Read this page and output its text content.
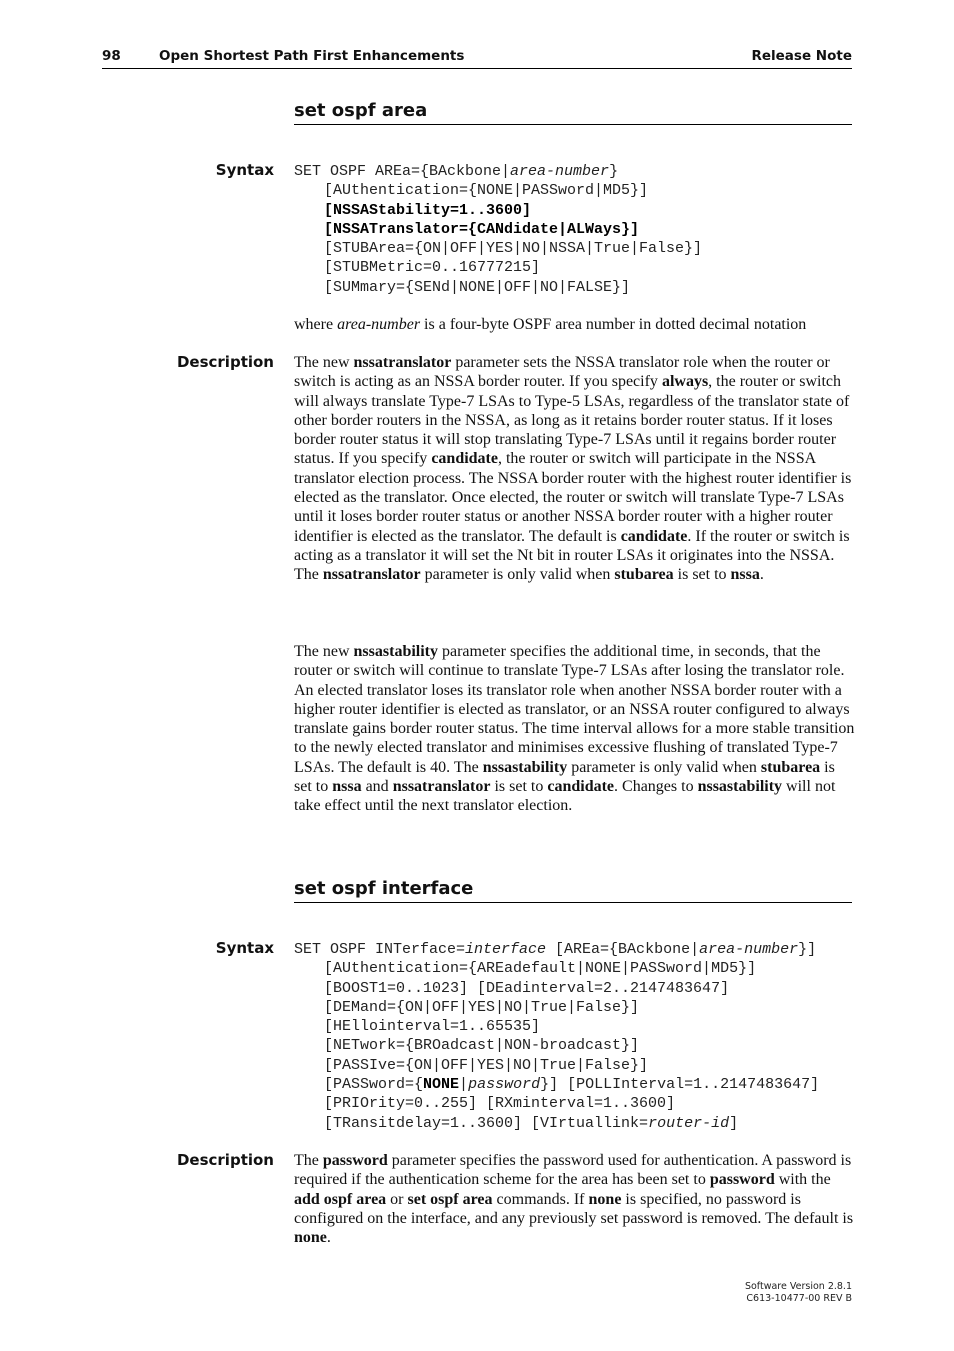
98	Open Shortest Path First Enhancements	Release Note
set ospf area
Syntax SET OSPF AREa={BAckbone|area-number}

[AUthentication={NONE|PASSword|MD5}]
[NSSAStability=1..3600]
[NSSATranslator={CANdidate|ALWays}]
[STUBArea={ON|OFF|YES|NO|NSSA|True|False}]
[STUBMetric=0..16777215]
[SUMmary={SENd|NONE|OFF|NO|FALSE}]
where area-number is a four-byte OSPF area number in dotted decimal notation
Description The new nssatranslator parameter sets the NSSA translator role when the router or switch is acting as an NSSA border router. If you specify always, the router or switch will always translate Type-7 LSAs to Type-5 LSAs, regardless of the translator state of other border routers in the NSSA, as long as it retains border router status. If it loses border router status it will stop translating Type-7 LSAs until it regains border router status. If you specify candidate, the router or switch will participate in the NSSA translator election process. The NSSA border router with the highest router identifier is elected as the translator. Once elected, the router or switch will translate Type-7 LSAs until it loses border router status or another NSSA border router with a higher router identifier is elected as the translator. The default is candidate. If the router or switch is acting as a translator it will set the Nt bit in router LSAs it originates into the NSSA. The nssatranslator parameter is only valid when stubarea is set to nssa.
The new nssastability parameter specifies the additional time, in seconds, that the router or switch will continue to translate Type-7 LSAs after losing the translator role. An elected translator loses its translator role when another NSSA border router with a higher router identifier is elected as translator, or an NSSA router configured to always translate gains border router status. The time interval allows for a more stable transition to the newly elected translator and minimises excessive flushing of translated Type-7 LSAs. The default is 40. The nssastability parameter is only valid when stubarea is set to nssa and nssatranslator is set to candidate. Changes to nssastability will not take effect until the next translator election.
set ospf interface
Syntax SET OSPF INTerface=interface [AREa={BAckbone|area-number}]

[AUthentication={AREadefault|NONE|PASSword|MD5}]
[BOOST1=0..1023] [DEadinterval=2..2147483647]
[DEMand={ON|OFF|YES|NO|True|False}]
[HEllointerval=1..65535]
[NETwork={BROadcast|NON-broadcast}]
[PASSIve={ON|OFF|YES|NO|True|False}]
[PASSword={NONE|password}] [POLLInterval=1..2147483647]
[PRIOrity=0..255] [RXminterval=1..3600]
[TRansitdelay=1..3600] [VIrtuallink=router-id]
Description The password parameter specifies the password used for authentication. A password is required if the authentication scheme for the area has been set to password with the add ospf area or set ospf area commands. If none is specified, no password is configured on the interface, and any previously set password is removed. The default is none.
Software Version 2.8.1
C613-10477-00 REV B
